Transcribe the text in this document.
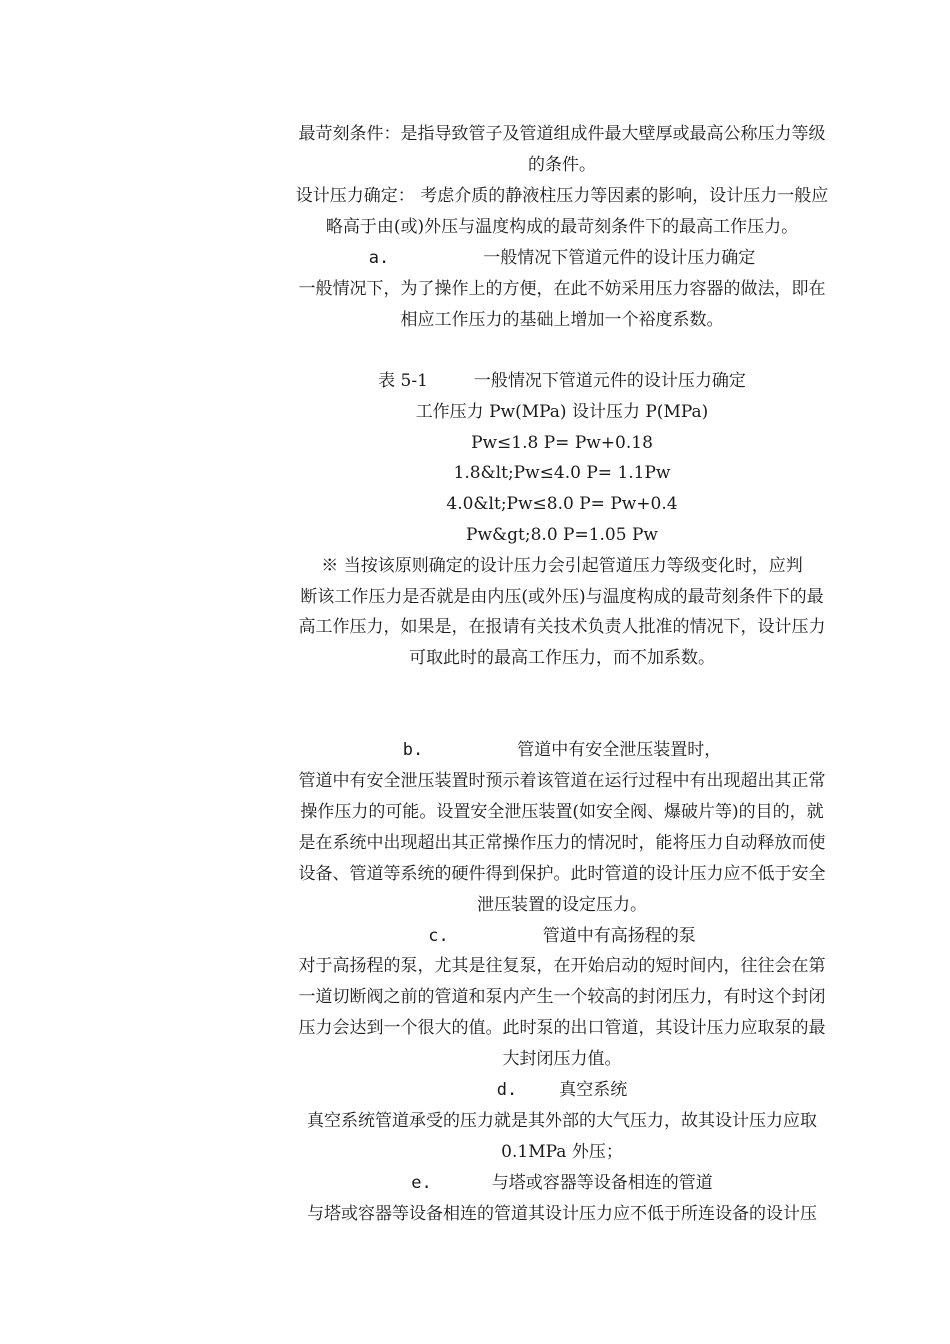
最苛刻条件：是指导致管子及管道组成件最大壁厚或最高公称压力等级
的条件。
设计压力确定： 考虑介质的静液柱压力等因素的影响，设计压力一般应
略高于由(或)外压与温度构成的最苛刻条件下的最高工作压力。
a.	一般情况下管道元件的设计压力确定
一般情况下，为了操作上的方便，在此不妨采用压力容器的做法，即在
相应工作压力的基础上增加一个裕度系数。
表 5-1	一般情况下管道元件的设计压力确定
工作压力 Pw(MPa) 设计压力 P(MPa)
Pw≤1.8 P= Pw+0.18
1.8&lt;Pw≤4.0 P= 1.1Pw
4.0&lt;Pw≤8.0 P= Pw+0.4
Pw&gt;8.0 P=1.05 Pw
※ 当按该原则确定的设计压力会引起管道压力等级变化时，应判
断该工作压力是否就是由内压(或外压)与温度构成的最苛刻条件下的最
高工作压力，如果是，在报请有关技术负责人批准的情况下，设计压力
可取此时的最高工作压力，而不加系数。
b.	管道中有安全泄压装置时，
管道中有安全泄压装置时预示着该管道在运行过程中有出现超出其正常
操作压力的可能。设置安全泄压装置(如安全阀、爆破片等)的目的，就
是在系统中出现超出其正常操作压力的情况时，能将压力自动释放而使
设备、管道等系统的硬件得到保护。此时管道的设计压力应不低于安全
泄压装置的设定压力。
c.	管道中有高扬程的泵
对于高扬程的泵，尤其是往复泵，在开始启动的短时间内，往往会在第
一道切断阀之前的管道和泵内产生一个较高的封闭压力，有时这个封闭
压力会达到一个很大的值。此时泵的出口管道，其设计压力应取泵的最
大封闭压力值。
d. 真空系统
真空系统管道承受的压力就是其外部的大气压力，故其设计压力应取
0.1MPa 外压；
e.	与塔或容器等设备相连的管道
与塔或容器等设备相连的管道其设计压力应不低于所连设备的设计压
